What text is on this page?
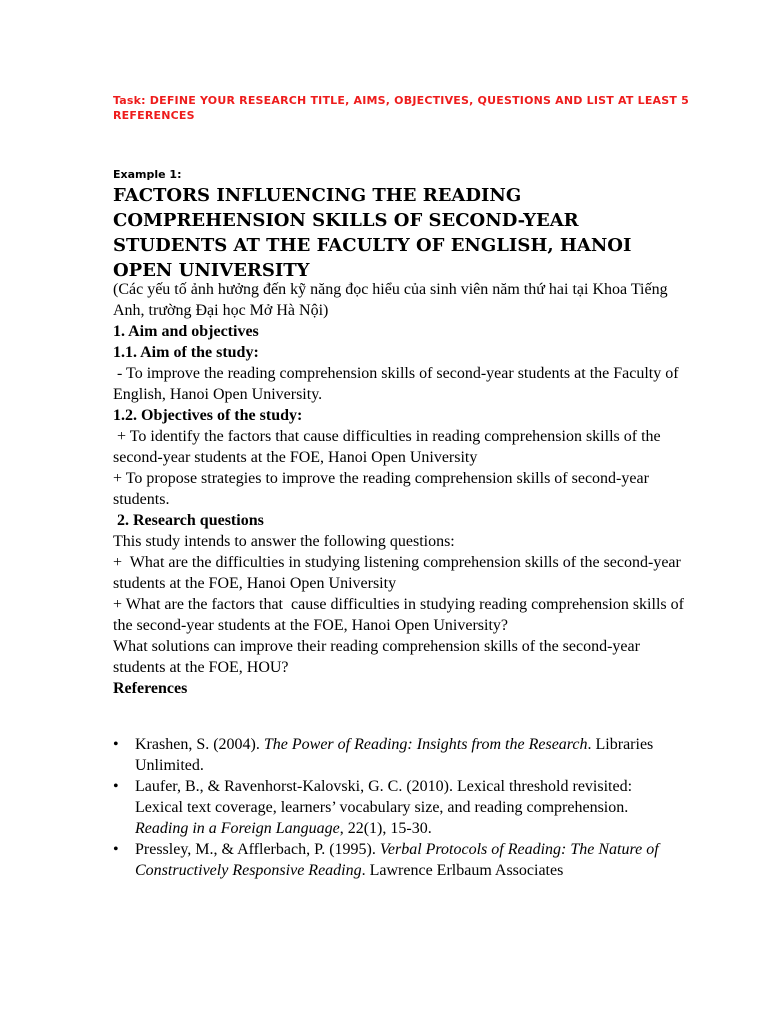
Task: DEFINE YOUR RESEARCH TITLE, AIMS, OBJECTIVES, QUESTIONS AND LIST AT LEAST 5 REFERENCES
Example 1:
FACTORS INFLUENCING THE READING COMPREHENSION SKILLS OF SECOND-YEAR STUDENTS AT THE FACULTY OF ENGLISH, HANOI OPEN UNIVERSITY

(Các yếu tố ảnh hưởng đến kỹ năng đọc hiểu của sinh viên năm thứ hai tại Khoa Tiếng Anh, trường Đại học Mở Hà Nội)

1. Aim and objectives

1.1. Aim of the study:

- To improve the reading comprehension skills of second-year students at the Faculty of English, Hanoi Open University.

1.2. Objectives of the study:

+ To identify the factors that cause difficulties in reading comprehension skills of the second-year students at the FOE, Hanoi Open University

+ To propose strategies to improve the reading comprehension skills of second-year students.

2. Research questions

This study intends to answer the following questions:

+  What are the difficulties in studying listening comprehension skills of the second-year students at the FOE, Hanoi Open University

+ What are the factors that  cause difficulties in studying reading comprehension skills of the second-year students at the FOE, Hanoi Open University?

What solutions can improve their reading comprehension skills of the second-year students at the FOE, HOU?

References

• Krashen, S. (2004). The Power of Reading: Insights from the Research. Libraries Unlimited.
• Laufer, B., & Ravenhorst-Kalovski, G. C. (2010). Lexical threshold revisited: Lexical text coverage, learners’ vocabulary size, and reading comprehension. Reading in a Foreign Language, 22(1), 15-30.
• Pressley, M., & Afflerbach, P. (1995). Verbal Protocols of Reading: The Nature of Constructively Responsive Reading. Lawrence Erlbaum Associates
